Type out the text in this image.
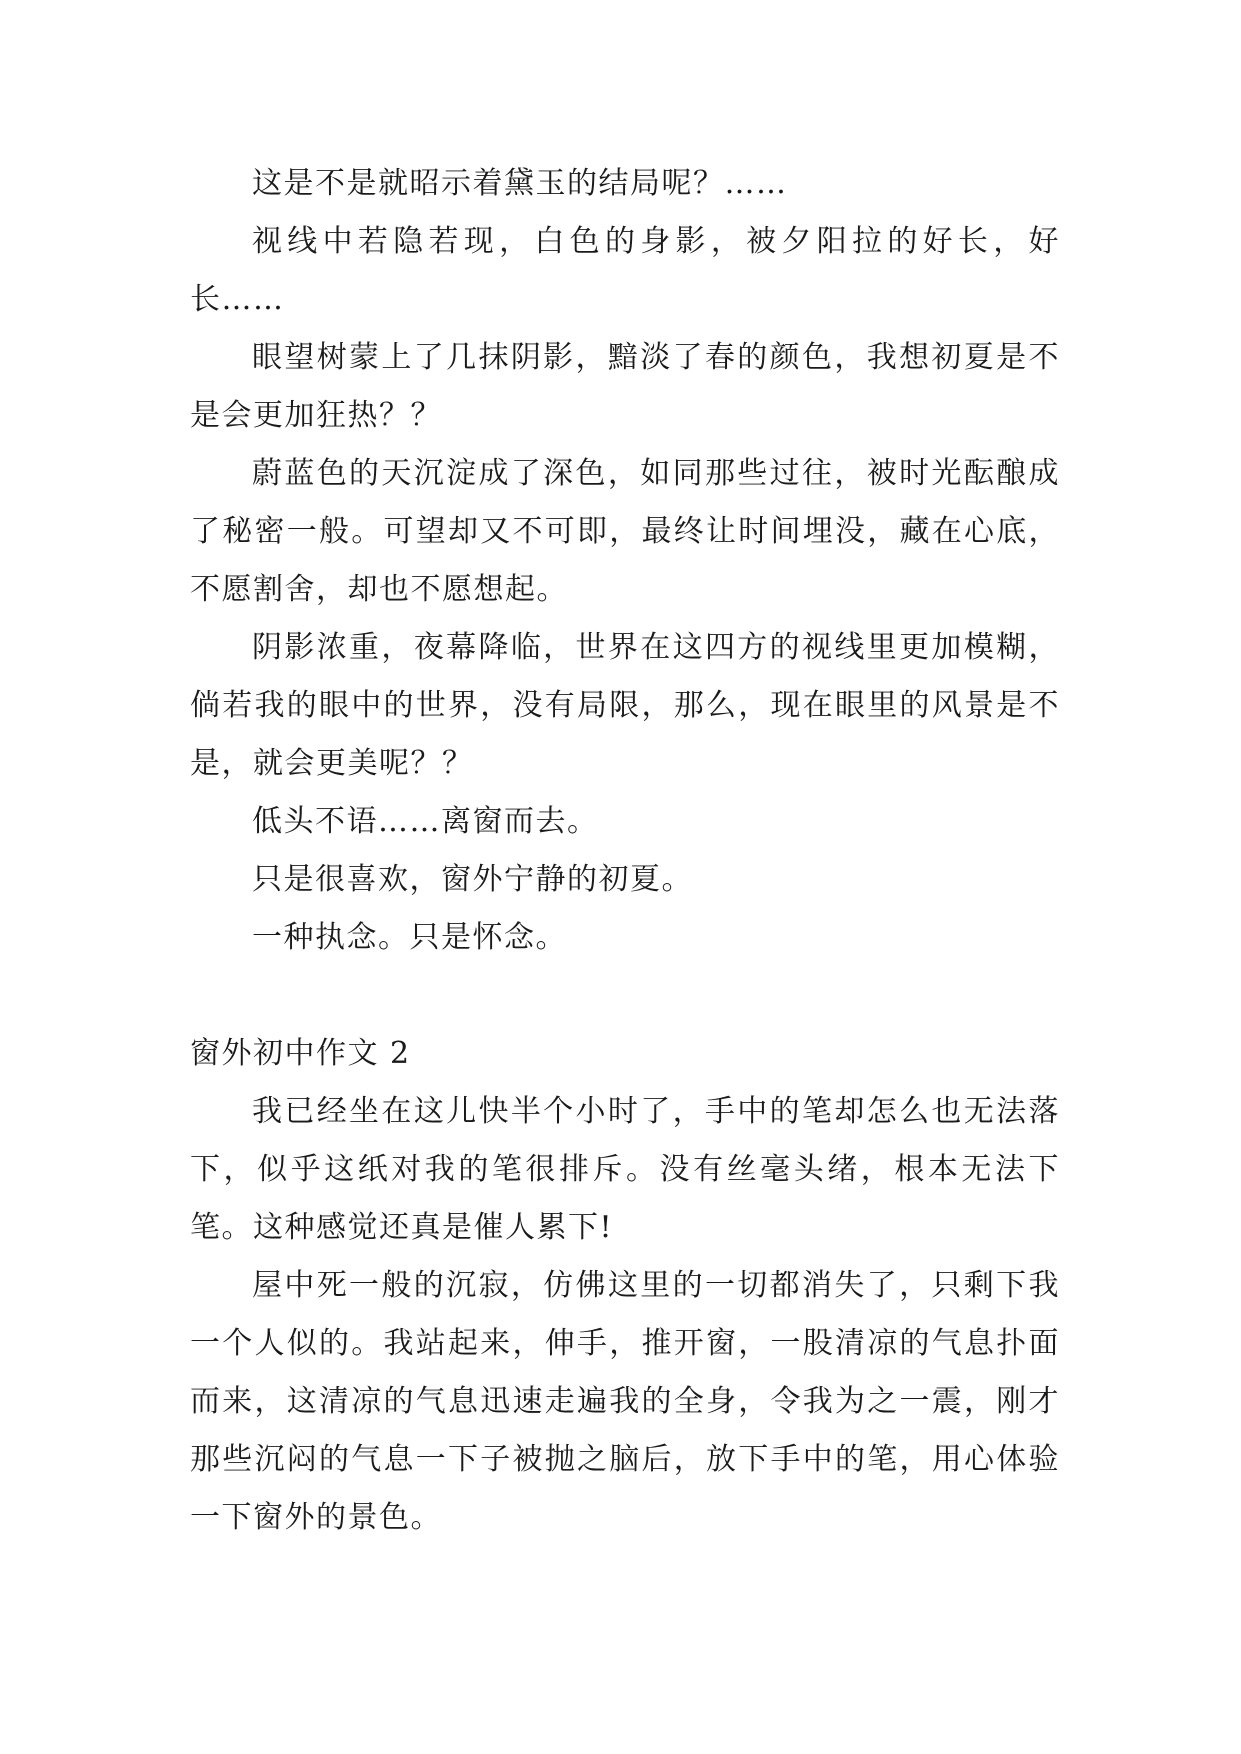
这是不是就昭示着黛玉的结局呢？……

视线中若隐若现，白色的身影，被夕阳拉的好长，好长……

眼望树蒙上了几抹阴影，黯淡了春的颜色，我想初夏是不是会更加狂热？？

蔚蓝色的天沉淀成了深色，如同那些过往，被时光酝酿成了秘密一般。可望却又不可即，最终让时间埋没，藏在心底，不愿割舍，却也不愿想起。

阴影浓重，夜幕降临，世界在这四方的视线里更加模糊，倘若我的眼中的世界，没有局限，那么，现在眼里的风景是不是，就会更美呢？？

低头不语……离窗而去。

只是很喜欢，窗外宁静的初夏。

一种执念。只是怀念。

窗外初中作文 2

我已经坐在这儿快半个小时了，手中的笔却怎么也无法落下，似乎这纸对我的笔很排斥。没有丝毫头绪，根本无法下笔。这种感觉还真是催人累下!

屋中死一般的沉寂，仿佛这里的一切都消失了，只剩下我一个人似的。我站起来，伸手，推开窗，一股清凉的气息扑面而来，这清凉的气息迅速走遍我的全身，令我为之一震，刚才那些沉闷的气息一下子被抛之脑后，放下手中的笔，用心体验一下窗外的景色。
